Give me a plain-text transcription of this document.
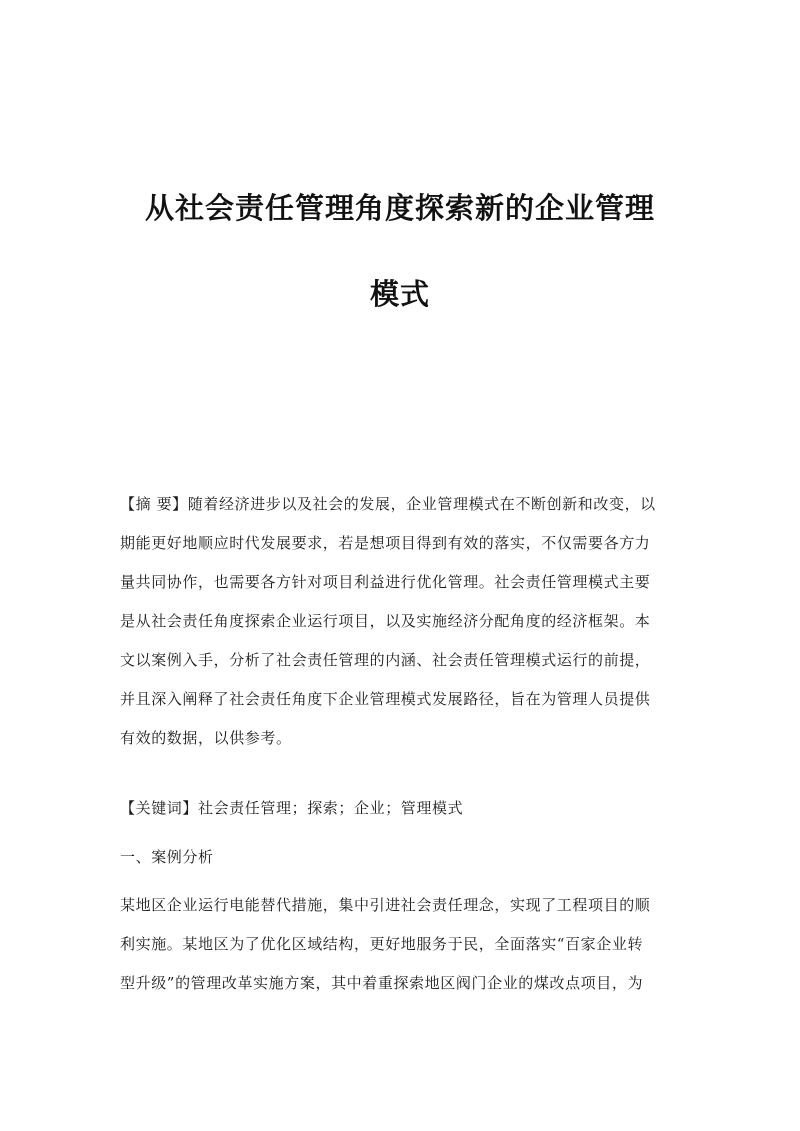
从社会责任管理角度探索新的企业管理
模式
【摘 要】随着经济进步以及社会的发展，企业管理模式在不断创新和改变，以
期能更好地顺应时代发展要求，若是想项目得到有效的落实，不仅需要各方力
量共同协作，也需要各方针对项目利益进行优化管理。社会责任管理模式主要
是从社会责任角度探索企业运行项目，以及实施经济分配角度的经济框架。本
文以案例入手，分析了社会责任管理的内涵、社会责任管理模式运行的前提，
并且深入阐释了社会责任角度下企业管理模式发展路径，旨在为管理人员提供
有效的数据，以供参考。
【关键词】社会责任管理；探索；企业；管理模式
一、案例分析
某地区企业运行电能替代措施，集中引进社会责任理念，实现了工程项目的顺
利实施。某地区为了优化区域结构，更好地服务于民，全面落实“百家企业转
型升级”的管理改革实施方案，其中着重探索地区阀门企业的煤改点项目，为
